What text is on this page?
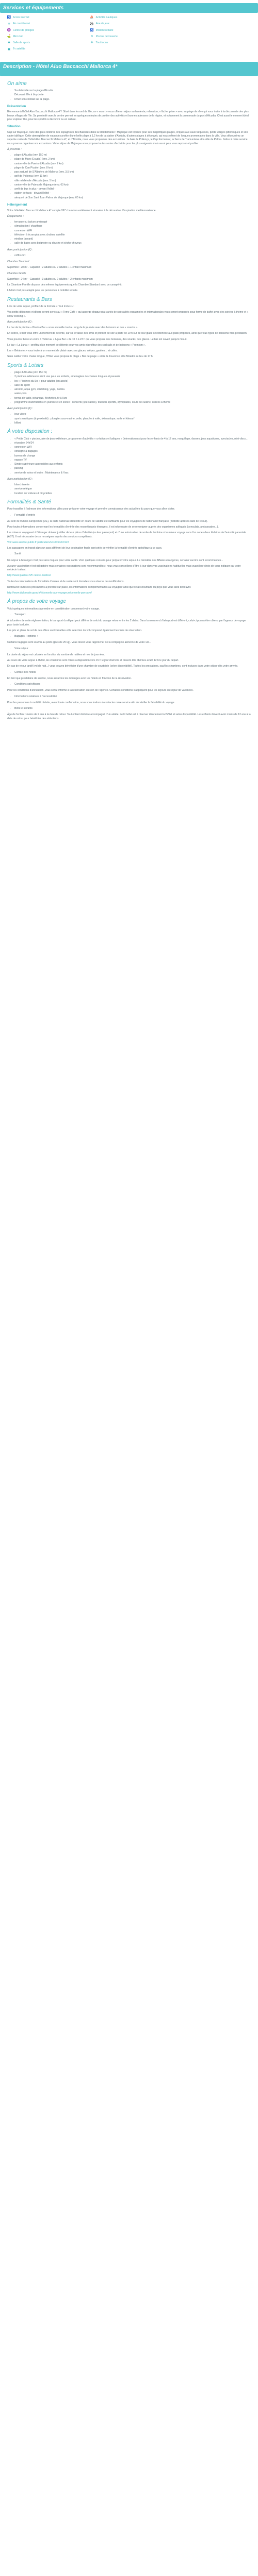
Services et équipements
♿ Accès internet	⛵ Activités nautiques
❄ Air conditionné	⚽ Aire de jeux
♒ Centre de plongée	♿ Mobilité réduite
⛳ Mini club	≋ Piscine découverte
☻ Salle de sports	✚ Tout inclus
▣ Tv satellite
Description - Hôtel Aluo Baccacchi Mallorca 4*
On aime
• Sa datavelle sur la plage d'Ecudia
• Découvrir l'île à bicyclette
• Dîner son cocktail sur la plage.
Présentation

Bienvenue à l'hôtel Aluo Baccacchi Mallorca 4* ! Situé dans le nord de l'île, ce « resort » vous offre un séjour au farniente, relaxation, « lâcher prise » avec sa plage de rêve qui vous invite à la découverte des plus beaux villages de l'île. Sa proximité avec le centre permet en quelques minutes de profiter des activités et bonnes adresses de la région, et notamment la promenade du port d'Alcudia. C'est aussi le moment idéal pour explorer l'île, pour les sportifs à découvrir ou en culture.

Situation

Cap sur Majorque, l'une des plus célèbres îles espagnoles des Baléares dans la Méditerranée ! Majorque est réputée pour ses magnifiques plages, criques aux eaux turquoises, petits villages pittoresques et son cadre idyllique. Cette atmosphère de vacances profite d'une belle plage à 1,2 km de la station d'Alcúdia, d'autres plages à découvrir, qui nous offrent de longues promenades dans la ville. Vous découvrirez un superbe cadre de l'hôtel Aluo Baccacchi Mallorca 4*, et d'Alcúdia, nous vous proposons des excursions : la baie de Pollença, le Cap Formentor, la Serra de Tramuntana et la ville de Palma. Grâce à notre service vous pourrez organiser vos excursions. Votre séjour de Majorque vous propose toutes sortes d'activités pour les plus exigeants mais aussi pour vous reposer et profiter.

À proximité :

• plage d'Alcudia (env. 150 m)
• plage de Muro (Ecudia) (env. 2 km)
• centre-ville de Puerto d'Alcudia (env. 2 km)
• plage de Can Picafort (env. 8 km)
• parc naturel de S'Albufera de Mallorca (env. 3,5 km)
• golf de Pollensa (env. 11 km)
• ville médiévale d'Alcudia (env. 5 km)
• centre-ville de Palma de Majorque (env. 63 km)
• arrêt de bus le plus - devant l'hôtel -
• station de taxis - devant l'hôtel -
• aéroport de Son Sant Joan Palma de Majorque (env. 60 km)
Hébergement

Votre hôtel Aluo Baccacchi Mallorca 4* compte 267 chambres entièrement rénovées à la décoration d'inspiration méditerranéenne.

Équipements :

• terrasse ou balcon aménagé
• climatisation / chauffage
• connexion WiFi
• télévision à écran plat avec chaînes satellite
• minibar (payant)
• salle de bains avec baignoire ou douche et sèche-cheveux

Avec participation (€) :

• coffre-fort

Chambre Standard

Superficie : 20 m² - Capacité : 2 adultes ou 2 adultes + 1 enfant maximum

Chambre famille

Superficie : 24 m² - Capacité : 3 adultes ou 2 adultes + 2 enfants maximum

La Chambre Famille dispose des mêmes équipements que la Chambre Standard avec un canapé-lit.

L'hôtel n'est pas adapté pour les personnes à mobilité réduite.

Restaurants & Bars

Lors de votre séjour, profitez de la formule « Tout Inclus » :

Vos petits-déjeuners et dîners seront servis au « Terra Cafè » qui accorge chaque plat variés de spécialités espagnoles et internationales vous seront proposés sous forme de buffet avec des soirées à thème et « show cooking ».

Avec participation (€) :

Le bar de la piscine « Piscina Bar » vous accueille tout au long de la journée avec des boissons et des « snacks ».

En soirée, le bar vous offre un moment de détente, sur sa terrasse des amis et profitez de soir à partir de 19 h sur de leur glace sélectionnée aux plats proposés, ainsi que tous types de boissons hors prestation.

Vous pourrez boire un verre à l'hôtel au « Agua Bar » de 10 h à 23 h qui vous propose des boissons, des snacks, des glaces. Le bar est ouvert jusqu'à minuit.

Le bar « La Luna » : profitez d'un moment de détente pour vos amis et profitez des cocktails et de boissons « Premium ».

Les « Gelaterie » vous invite à un moment de plaisir avec ses glaces, crêpes, gaufres... et cafés.

Sans oublier votre chaise longue, l'Hôtel vous propose la plage « Bar de plage » entre la Jouvence et le Mirador au lieu de 17 h.

Sports & Loisirs
• plage d'Alcudia (env. 150 m)
• 2 piscines extérieures dont une pour les enfants, aménagées de chaises longues et parasols
• les « Piscines du Sol » pour adultes (en accès)
• salle de sport
• aérobic, aqua gym, stretching, yoga, zumba
• water-polo
• tennis de table, pétanque, fléchettes, tir à l'arc
• programme d'animations en journée et en soirée : concerts (spectacles), tournois sportifs, olympiades, cours de cuisine, soirées à thème

Avec participation (€) :

• jeux vidéo
• sports nautiques (à proximité) : plongée sous-marine, voile, planche à voile, ski nautique, surfe et kitesurf
• billard
À votre disposition :
• « Petits Club » piscine, aire de jeux extérieure, programme d'activités « créatives et ludiques » (internationaux) pour les enfants de 4 à 12 ans, maquillage, danses, jeux aquatiques, spectacles, mini-disco...
• réception 24h/24
• connexion WiFi
• consigne à bagages
• bureau de change
• espace TV
• Single supérieure accessibles aux enfants
• parking
• service de soins et loisirs : Maintenance & Vrac

Avec participation (€) :

• blanchisserie
• service rélégue
• location de voitures & bicyclettes
Formalités & Santé

Pour travailler à l'adresse des informations utiles pour préparer votre voyage et prendre connaissance des actualités du pays que vous allez visiter.

• Formalité d'entrée

Au sein de l'Union européenne (UE), la carte nationale d'identité en cours de validité est suffisante pour les voyageurs de nationalité française (mobilité après la date de retour).

Pour toutes informations concernant les formalités d'entrée des ressortissants étrangers, il est nécessaire de se renseigner auprès des organismes adéquats (consulats, ambassades...).

Les mineurs voyageant à l'étranger doivent justifier de leur pièce d'identité (ou leur passeport) et d'une autorisation de sortie de territoire si le mineur voyage sans l'un ou les deux titulaires de l'autorité parentale (AST). Il est nécessaire de se renseigner auprès des services compétents.

Voir www.service-public.fr particuliers/vosdroits/F1922

Les passagers en transit dans un pays différent de leur destination finale sont priés de vérifier la formalité d'entrée spécifique à ce pays.

• Santé

Un séjour à l'étranger n'est pas sans risques pour votre santé. Voici quelques conseils pour préparer votre séjour. Le ministère des Affaires étrangères, certains vaccins sont recommandés...

Aucune vaccination n'est obligatoire mais certaines vaccinations sont recommandées : nous vous conseillons d'être à jour dans vos vaccinations habituelles mais avant leur choix de vous indiquer par votre médecin traitant.

http://www.pasteur.fr/fr centre-medical

Toutes les informations de formalités d'entrée et de santé sont données sous réserve de modifications.

Retrouvez toutes les précautions à prendre sur place, les informations complémentaires au voyageur ainsi que l'état sécuritaire du pays que vous allez découvrir.

http://www.diplomatie.gouv.fr/fr/conseils-aux-voyageurs/conseils-par-pays/

À propos de votre voyage

Voici quelques informations à prendre en considération concernant votre voyage.

• Transport

À la lumière de cette réglementation, le transport du départ peut différer de celui du voyage retour entre les 2 dates. Dans la mesure où l'aéroport est différent, celui-ci pourra être obtenu par l'agence de voyage pour toute la durée.

Les prix et plans de vol de ces offres sont variables et la sélection du vol comprend également les frais de réservation.

• Bagages + options +

Certains bagages sont soumis au poids (plus de 25 kg). Vous devez vous rapprocher de la compagnie aérienne de votre vol...

• Votre séjour

La durée du séjour est calculée en fonction du nombre de nuitées et non de journées.

Au cours de votre séjour à l'hôtel, les chambres sont mises à disposition vers 15 h le jour d'arrivée et doivent être libérées avant 12 h le jour du départ.

En cas de retour tardif (vol de nuit...) vous pouvez bénéficier d'une chambre de courtoisie (selon disponibilité). Toutes les prestations, sauf les chambres, sont incluses dans votre séjour dès votre arrivée.

• Contact des hôtels

En tant que prestataire de service, nous assurons les échanges avec les hôtels en fonction de la réservation.

• Conditions spécifiques

Pour les conditions d'annulation, vous serez informé à la réservation au sein de l'agence. Certaines conditions s'appliquent pour les séjours en séjour de vacances.

• Informations relatives à l'accessibilité

Pour les personnes à mobilité réduite, avant toute confirmation, nous vous invitons à contacter notre service afin de vérifier la faisabilité du voyage.

• Bébé et enfants

Âge de l'enfant : moins de 2 ans à la date de retour. Tout enfant doit être accompagné d'un adulte. Le lit bébé est à réserver directement à l'hôtel et selon disponibilité. Les enfants doivent avoir moins de 12 ans à la date de retour pour bénéficier des réductions.
